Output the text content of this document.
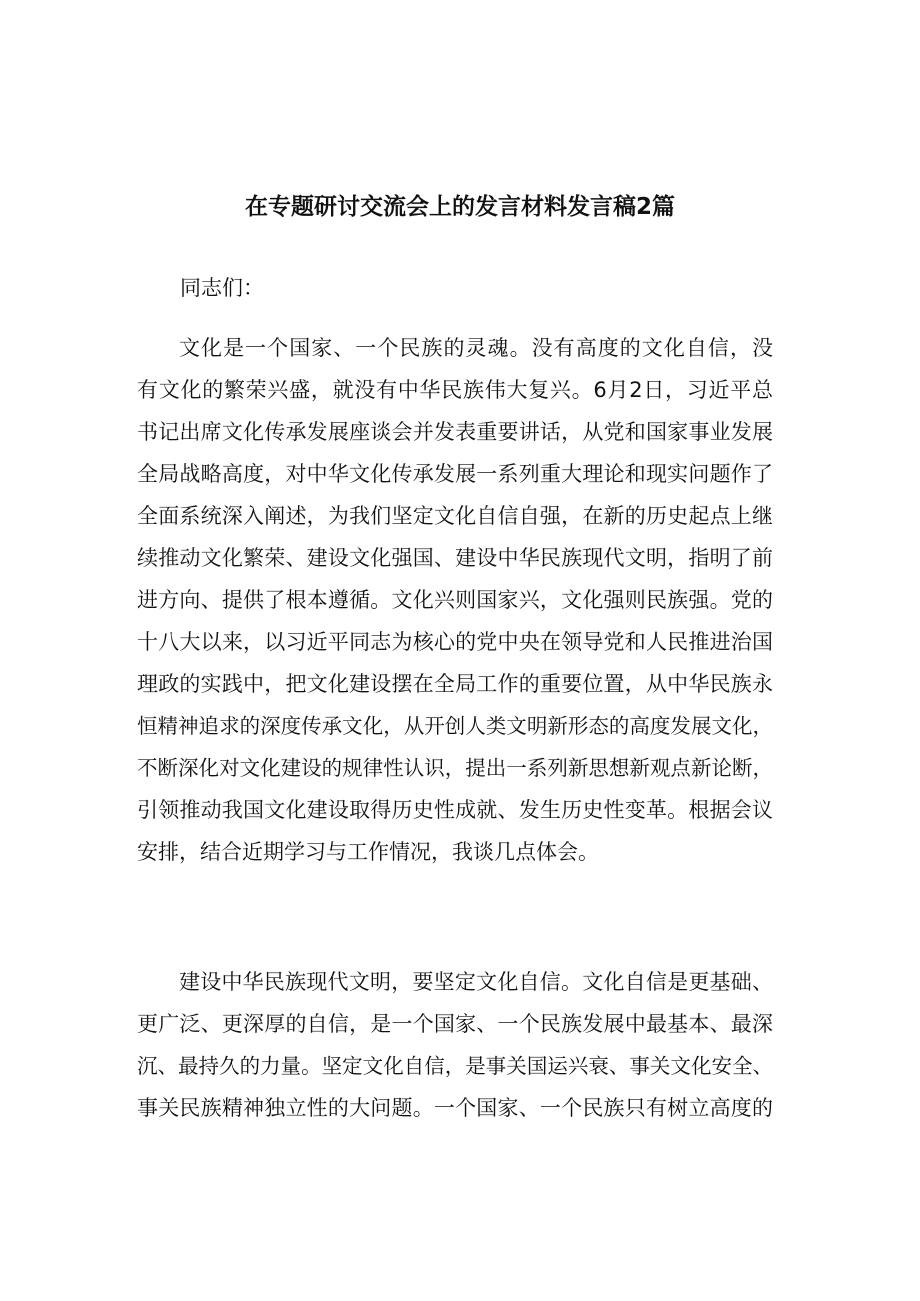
在专题研讨交流会上的发言材料发言稿2篇

同志们：

文化是一个国家、一个民族的灵魂。没有高度的文化自信，没
有文化的繁荣兴盛，就没有中华民族伟大复兴。6月2日，习近平总
书记出席文化传承发展座谈会并发表重要讲话，从党和国家事业发展
全局战略高度，对中华文化传承发展一系列重大理论和现实问题作了
全面系统深入阐述，为我们坚定文化自信自强，在新的历史起点上继
续推动文化繁荣、建设文化强国、建设中华民族现代文明，指明了前
进方向、提供了根本遵循。文化兴则国家兴，文化强则民族强。党的
十八大以来，以习近平同志为核心的党中央在领导党和人民推进治国
理政的实践中，把文化建设摆在全局工作的重要位置，从中华民族永
恒精神追求的深度传承文化，从开创人类文明新形态的高度发展文化，
不断深化对文化建设的规律性认识，提出一系列新思想新观点新论断，
引领推动我国文化建设取得历史性成就、发生历史性变革。根据会议
安排，结合近期学习与工作情况，我谈几点体会。
建设中华民族现代文明，要坚定文化自信。文化自信是更基础、
更广泛、更深厚的自信，是一个国家、一个民族发展中最基本、最深
沉、最持久的力量。坚定文化自信，是事关国运兴衰、事关文化安全、
事关民族精神独立性的大问题。一个国家、一个民族只有树立高度的
